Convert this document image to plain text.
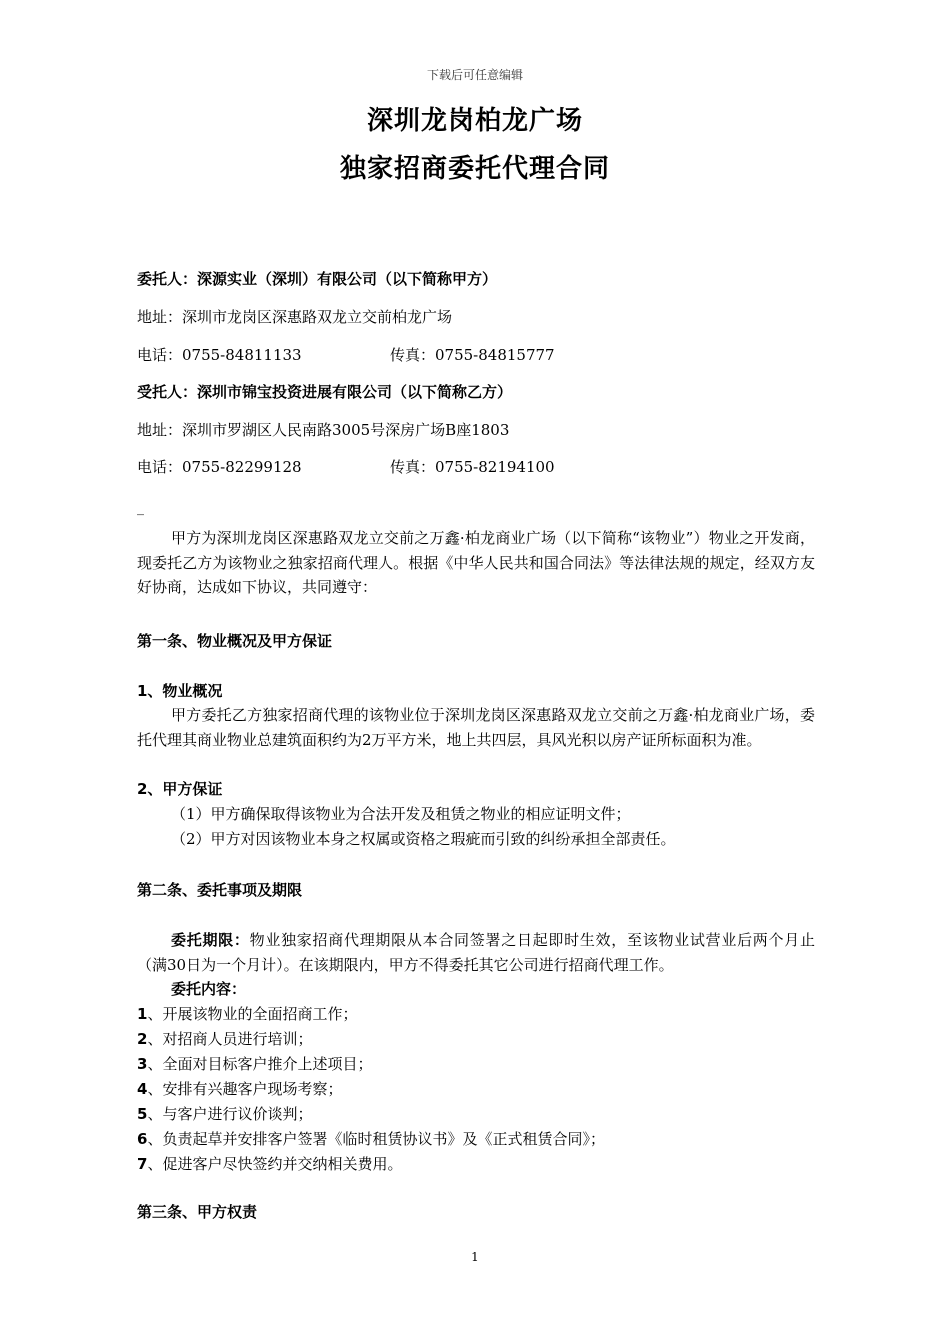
下载后可任意编辑
深圳龙岗柏龙广场
独家招商委托代理合同
委托人：深源实业（深圳）有限公司（以下简称甲方）
地址：深圳市龙岗区深惠路双龙立交前柏龙广场
电话：0755-84811133	传真：0755-84815777
受托人：深圳市锦宝投资进展有限公司（以下简称乙方）
地址：深圳市罗湖区人民南路3005号深房广场B座1803
电话：0755-82299128	传真：0755-82194100
_
甲方为深圳龙岗区深惠路双龙立交前之万鑫·柏龙商业广场（以下简称“该物业”）物业之开发商，现委托乙方为该物业之独家招商代理人。根据《中华人民共和国合同法》等法律法规的规定，经双方友好协商，达成如下协议，共同遵守：
第一条、物业概况及甲方保证
1、物业概况
甲方委托乙方独家招商代理的该物业位于深圳龙岗区深惠路双龙立交前之万鑫·柏龙商业广场，委托代理其商业物业总建筑面积约为2万平方米，地上共四层，具风光积以房产证所标面积为准。
2、甲方保证
（1）甲方确保取得该物业为合法开发及租赁之物业的相应证明文件；
（2）甲方对因该物业本身之权属或资格之瑕疵而引致的纠纷承担全部责任。
第二条、委托事项及期限
委托期限：物业独家招商代理期限从本合同签署之日起即时生效，至该物业试营业后两个月止（满30日为一个月计）。在该期限内，甲方不得委托其它公司进行招商代理工作。
委托内容：
1、开展该物业的全面招商工作；
2、对招商人员进行培训；
3、全面对目标客户推介上述项目；
4、安排有兴趣客户现场考察；
5、与客户进行议价谈判；
6、负责起草并安排客户签署《临时租赁协议书》及《正式租赁合同》；
7、促进客户尽快签约并交纳相关费用。
第三条、甲方权责
1
